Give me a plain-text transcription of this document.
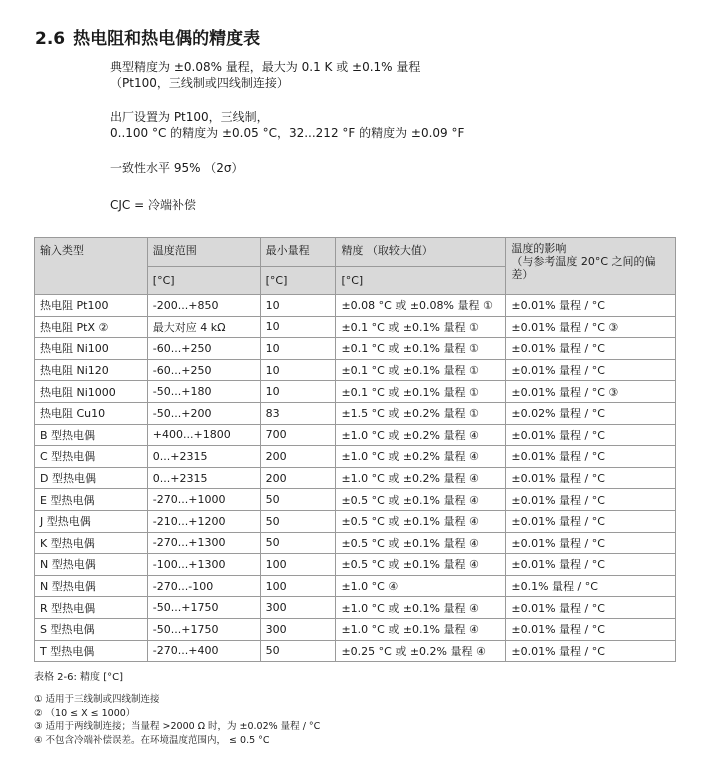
2.6 热电阻和热电偶的精度表
典型精度为 ±0.08% 量程，最大为 0.1 K 或 ±0.1% 量程
（Pt100，三线制或四线制连接）
出厂设置为 Pt100，三线制，
0..100 °C 的精度为 ±0.05 °C，32...212 °F 的精度为 ±0.09 °F
一致性水平 95% （2σ）
CJC = 冷端补偿
输入类型	温度范围	最小量程	精度 （取较大值）	温度的影响
（与参考温度 20°C 之间的偏差）
	[°C]	[°C]	[°C]	
热电阻 Pt100	-200...+850	10	±0.08 °C 或 ±0.08% 量程 ①	±0.01% 量程 / °C
热电阻 PtX ②	最大对应 4 kΩ	10	±0.1 °C 或 ±0.1% 量程 ①	±0.01% 量程 / °C ③
热电阻 Ni100	-60...+250	10	±0.1 °C 或 ±0.1% 量程 ①	±0.01% 量程 / °C
热电阻 Ni120	-60...+250	10	±0.1 °C 或 ±0.1% 量程 ①	±0.01% 量程 / °C
热电阻 Ni1000	-50...+180	10	±0.1 °C 或 ±0.1% 量程 ①	±0.01% 量程 / °C ③
热电阻 Cu10	-50...+200	83	±1.5 °C 或 ±0.2% 量程 ①	±0.02% 量程 / °C
B 型热电偶	+400...+1800	700	±1.0 °C 或 ±0.2% 量程 ④	±0.01% 量程 / °C
C 型热电偶	0...+2315	200	±1.0 °C 或 ±0.2% 量程 ④	±0.01% 量程 / °C
D 型热电偶	0...+2315	200	±1.0 °C 或 ±0.2% 量程 ④	±0.01% 量程 / °C
E 型热电偶	-270...+1000	50	±0.5 °C 或 ±0.1% 量程 ④	±0.01% 量程 / °C
J 型热电偶	-210...+1200	50	±0.5 °C 或 ±0.1% 量程 ④	±0.01% 量程 / °C
K 型热电偶	-270...+1300	50	±0.5 °C 或 ±0.1% 量程 ④	±0.01% 量程 / °C
N 型热电偶	-100...+1300	100	±0.5 °C 或 ±0.1% 量程 ④	±0.01% 量程 / °C
N 型热电偶	-270...-100	100	±1.0 °C ④	±0.1% 量程 / °C
R 型热电偶	-50...+1750	300	±1.0 °C 或 ±0.1% 量程 ④	±0.01% 量程 / °C
S 型热电偶	-50...+1750	300	±1.0 °C 或 ±0.1% 量程 ④	±0.01% 量程 / °C
T 型热电偶	-270...+400	50	±0.25 °C 或 ±0.2% 量程 ④	±0.01% 量程 / °C
表格 2-6: 精度 [°C]
① 适用于三线制或四线制连接
② （10 ≤ X ≤ 1000）
③ 适用于两线制连接；当量程 >2000 Ω 时，为 ±0.02% 量程 / °C
④ 不包含冷端补偿误差。在环境温度范围内， ≤ 0.5 °C
